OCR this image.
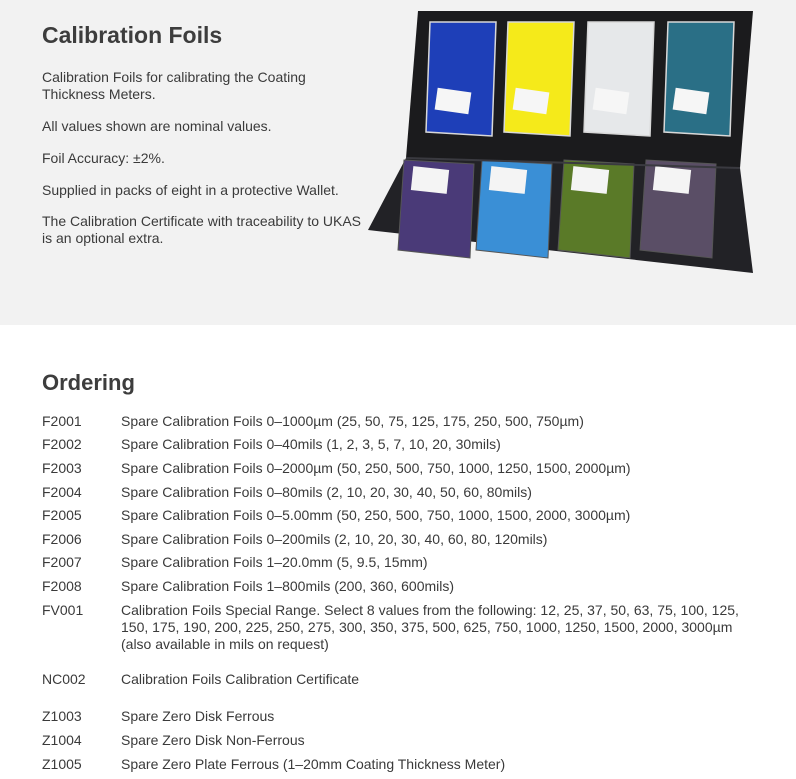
Calibration Foils

Calibration Foils for calibrating the Coating Thickness Meters.

All values shown are nominal values.

Foil Accuracy: ±2%.

Supplied in packs of eight in a protective Wallet.

The Calibration Certificate with traceability to UKAS is an optional extra.

Ordering
F2001	Spare Calibration Foils 0–1000µm (25, 50, 75, 125, 175, 250, 500, 750µm)
F2002	Spare Calibration Foils 0–40mils (1, 2, 3, 5, 7, 10, 20, 30mils)
F2003	Spare Calibration Foils 0–2000µm (50, 250, 500, 750, 1000, 1250, 1500, 2000µm)
F2004	Spare Calibration Foils 0–80mils (2, 10, 20, 30, 40, 50, 60, 80mils)
F2005	Spare Calibration Foils 0–5.00mm (50, 250, 500, 750, 1000, 1500, 2000, 3000µm)
F2006	Spare Calibration Foils 0–200mils (2, 10, 20, 30, 40, 60, 80, 120mils)
F2007	Spare Calibration Foils 1–20.0mm (5, 9.5, 15mm)
F2008	Spare Calibration Foils 1–800mils (200, 360, 600mils)
FV001	Calibration Foils Special Range. Select 8 values from the following: 12, 25, 37, 50, 63, 75, 100, 125, 150, 175, 190, 200, 225, 250, 275, 300, 350, 375, 500, 625, 750, 1000, 1250, 1500, 2000, 3000µm (also available in mils on request)
NC002	Calibration Foils Calibration Certificate
Z1003	Spare Zero Disk Ferrous
Z1004	Spare Zero Disk Non-Ferrous
Z1005	Spare Zero Plate Ferrous (1–20mm Coating Thickness Meter)
